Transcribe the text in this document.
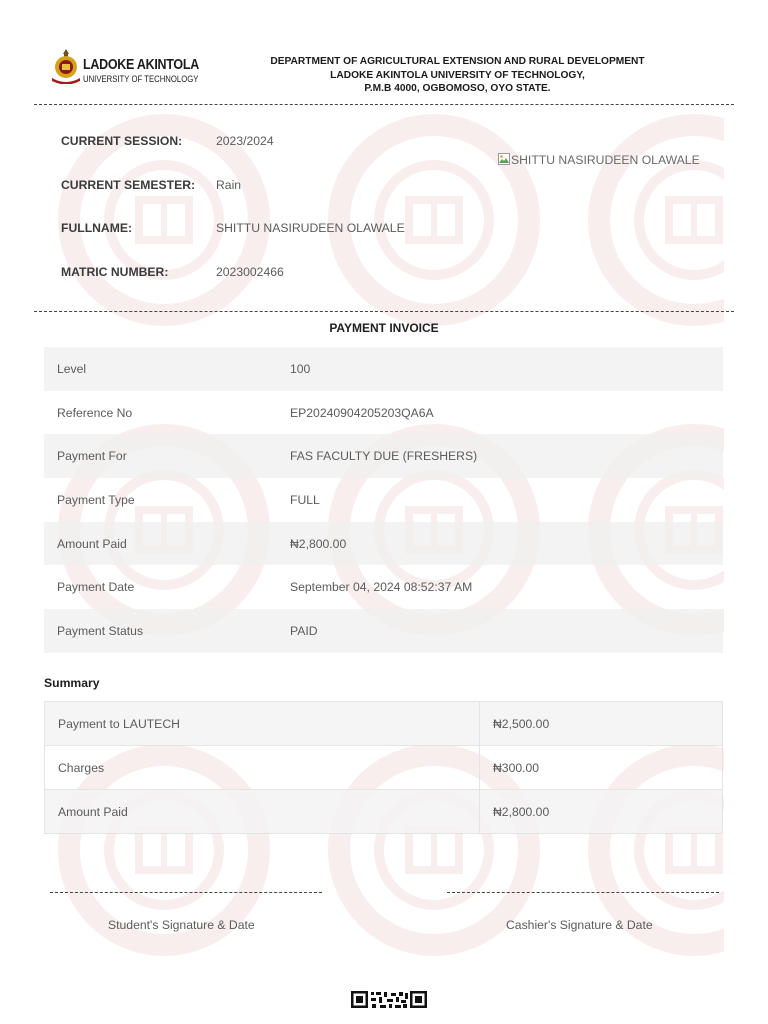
LADOKE AKINTOLA
UNIVERSITY OF TECHNOLOGY
DEPARTMENT OF AGRICULTURAL EXTENSION AND RURAL DEVELOPMENT
LADOKE AKINTOLA UNIVERSITY OF TECHNOLOGY,
P.M.B 4000, OGBOMOSO, OYO STATE.
CURRENT SESSION:	2023/2024
CURRENT SEMESTER: Rain
FULLNAME:	SHITTU NASIRUDEEN OLAWALE
MATRIC NUMBER:	2023002466
SHITTU NASIRUDEEN OLAWALE
PAYMENT INVOICE
Level	100
Reference No	EP20240904205203QA6A
Payment For	FAS FACULTY DUE (FRESHERS)
Payment Type	FULL
Amount Paid	₦2,800.00
Payment Date	September 04, 2024 08:52:37 AM
Payment Status	PAID
Summary
Payment to LAUTECH	₦2,500.00
Charges	₦300.00
Amount Paid	₦2,800.00
Student's Signature & Date	Cashier's Signature & Date
